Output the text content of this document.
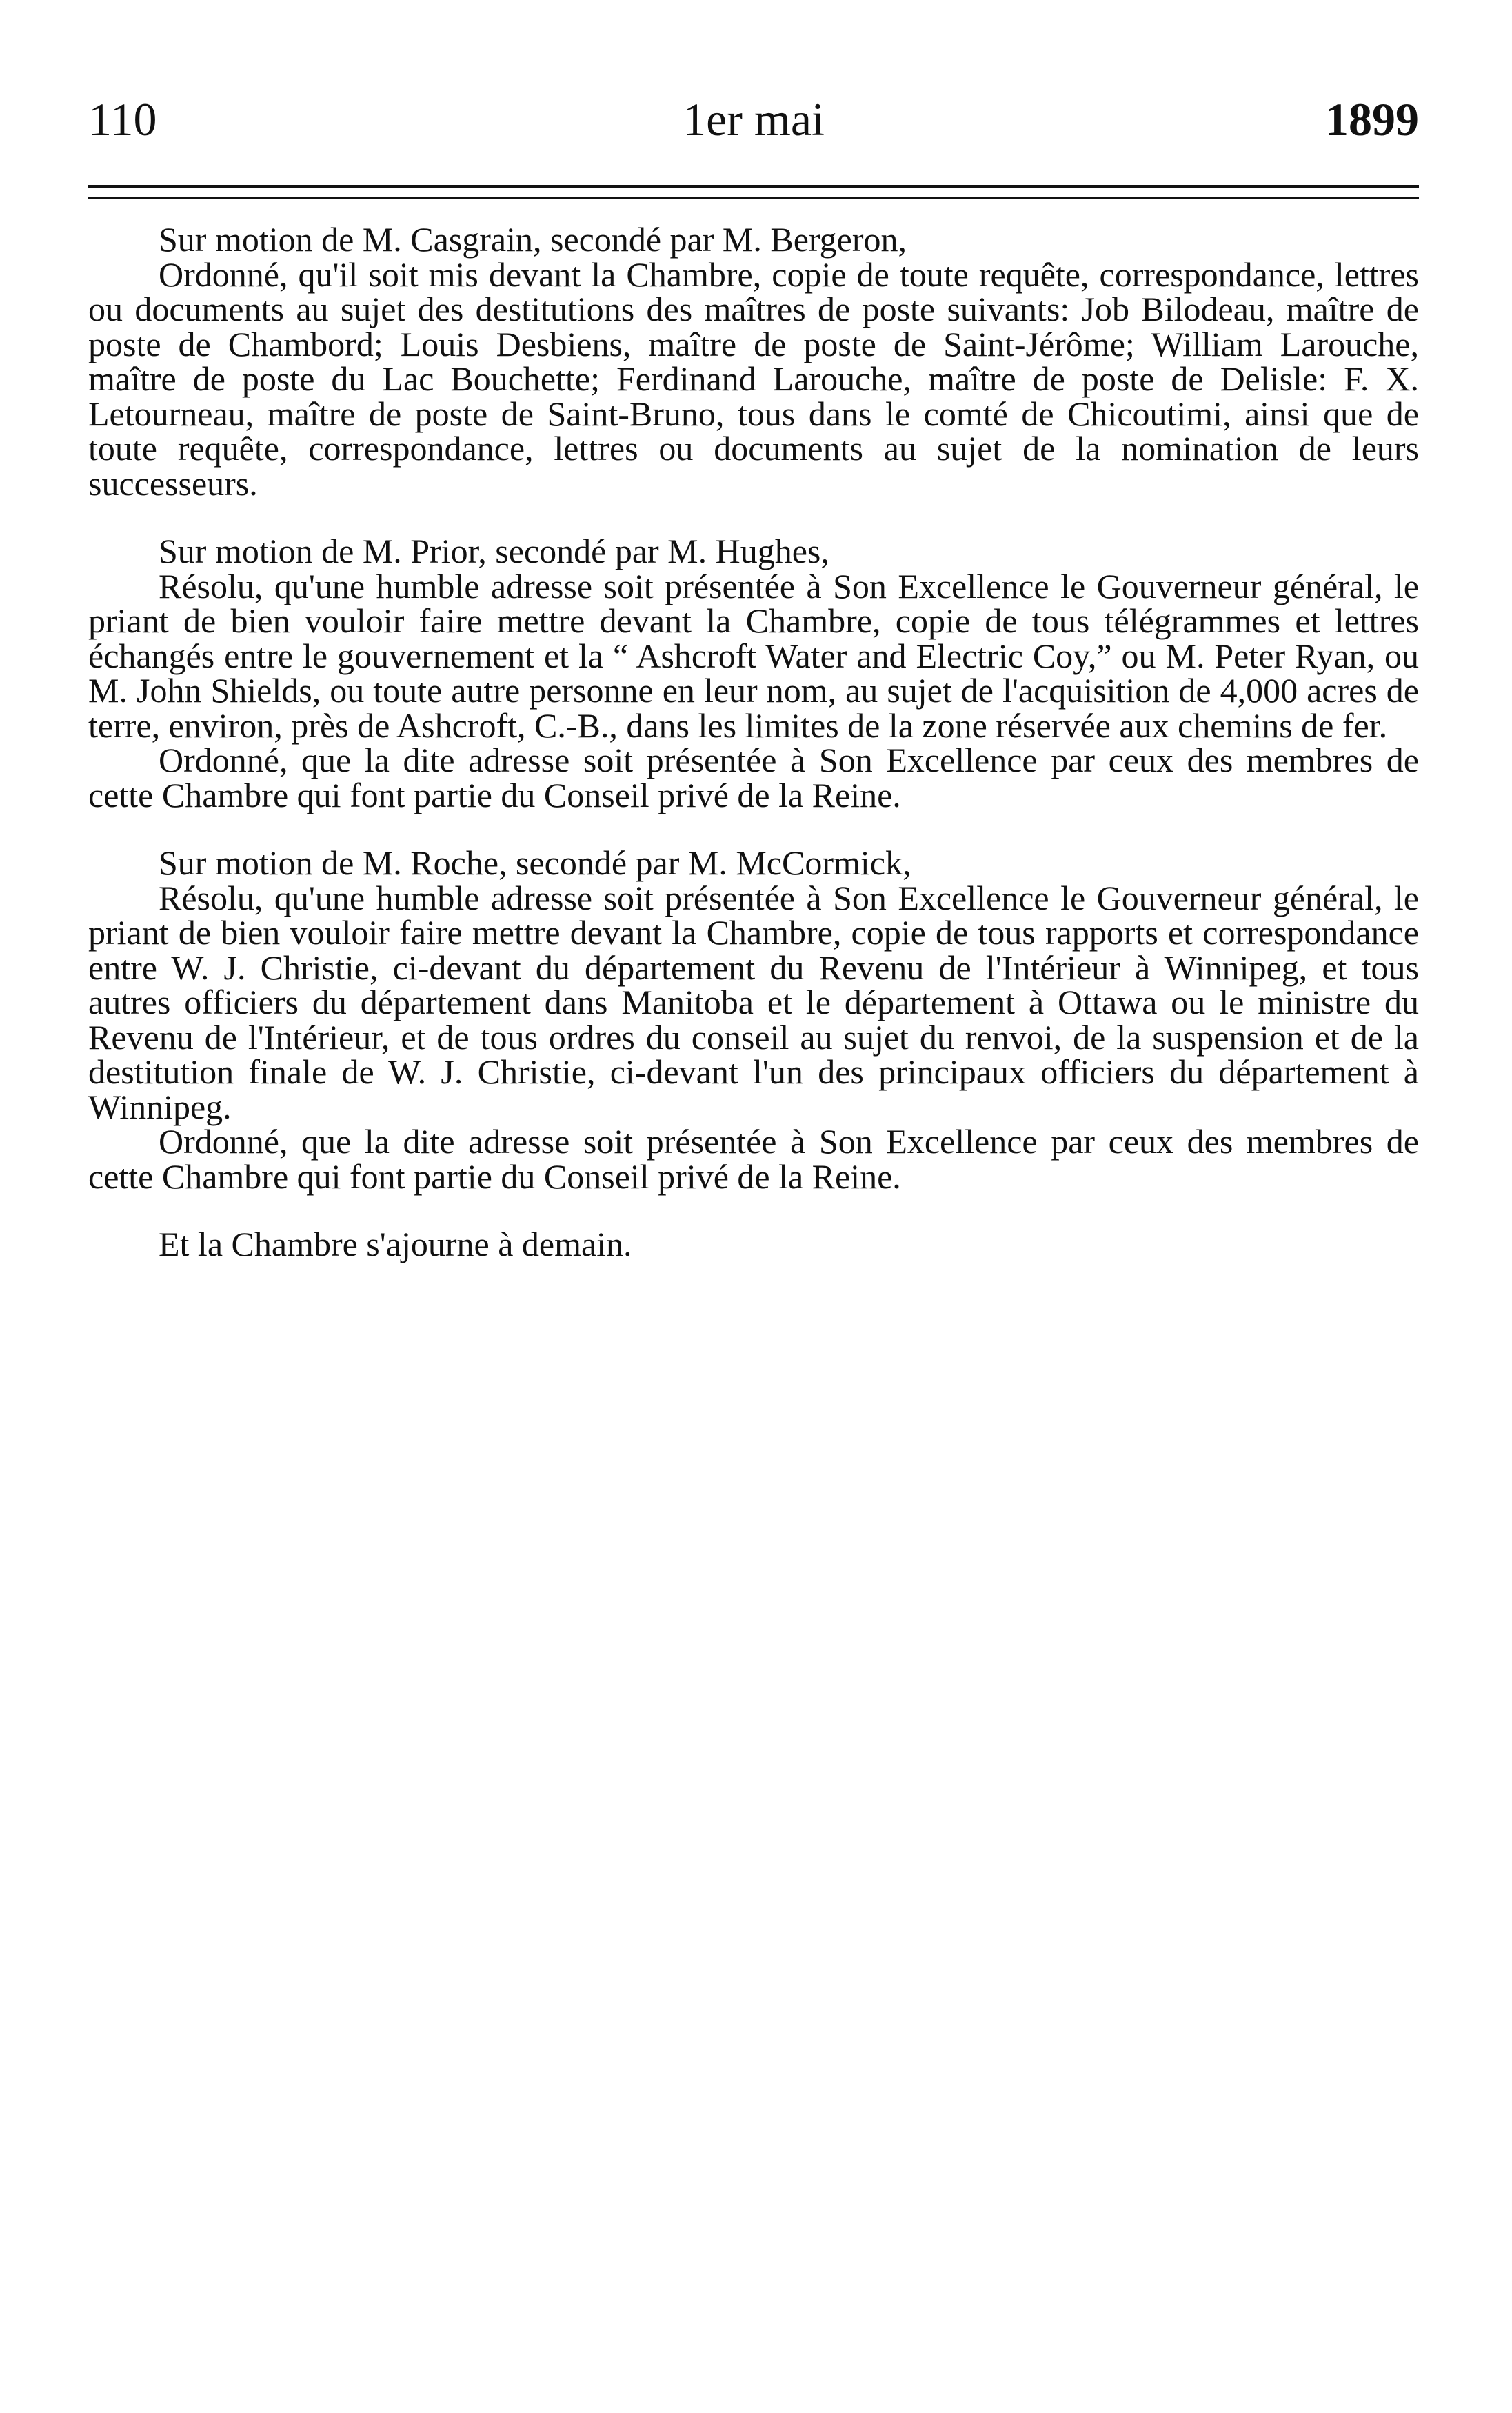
110	1er mai	1899

Sur motion de M. Casgrain, secondé par M. Bergeron,

Ordonné, qu'il soit mis devant la Chambre, copie de toute requête, correspondance, lettres ou documents au sujet des destitutions des maîtres de poste suivants: Job Bilodeau, maître de poste de Chambord; Louis Desbiens, maître de poste de Saint-Jérôme; William Larouche, maître de poste du Lac Bouchette; Ferdinand Larouche, maître de poste de Delisle: F. X. Letourneau, maître de poste de Saint-Bruno, tous dans le comté de Chicoutimi, ainsi que de toute requête, correspondance, lettres ou documents au sujet de la nomination de leurs successeurs.

Sur motion de M. Prior, secondé par M. Hughes,

Résolu, qu'une humble adresse soit présentée à Son Excellence le Gouverneur général, le priant de bien vouloir faire mettre devant la Chambre, copie de tous télégrammes et lettres échangés entre le gouvernement et la “ Ashcroft Water and Electric Coy,” ou M. Peter Ryan, ou M. John Shields, ou toute autre personne en leur nom, au sujet de l'acquisition de 4,000 acres de terre, environ, près de Ashcroft, C.-B., dans les limites de la zone réservée aux chemins de fer.

Ordonné, que la dite adresse soit présentée à Son Excellence par ceux des membres de cette Chambre qui font partie du Conseil privé de la Reine.

Sur motion de M. Roche, secondé par M. McCormick,

Résolu, qu'une humble adresse soit présentée à Son Excellence le Gouverneur général, le priant de bien vouloir faire mettre devant la Chambre, copie de tous rapports et correspondance entre W. J. Christie, ci-devant du département du Revenu de l'Intérieur à Winnipeg, et tous autres officiers du département dans Manitoba et le département à Ottawa ou le ministre du Revenu de l'Intérieur, et de tous ordres du conseil au sujet du renvoi, de la suspension et de la destitution finale de W. J. Christie, ci-devant l'un des principaux officiers du département à Winnipeg.

Ordonné, que la dite adresse soit présentée à Son Excellence par ceux des membres de cette Chambre qui font partie du Conseil privé de la Reine.

Et la Chambre s'ajourne à demain.
